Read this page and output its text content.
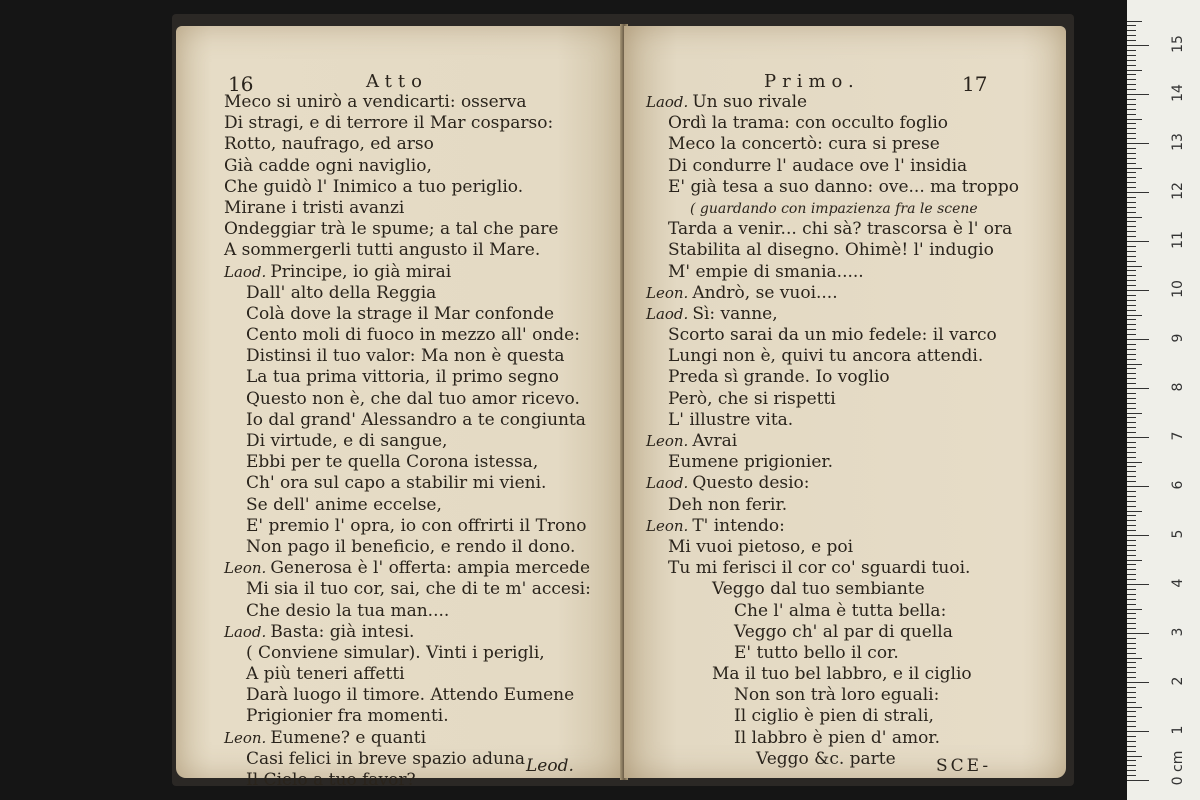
16	Atto
Meco si unirò a vendicarti: osserva
Di stragi, e di terrore il Mar cosparso:
Rotto, naufrago, ed arso
Già cadde ogni naviglio,
Che guidò l' Inimico a tuo periglio.
Mirane i tristi avanzi
Ondeggiar trà le spume; a tal che pare
A sommergerli tutti angusto il Mare.
Laod. Principe, io già mirai
Dall' alto della Reggia
Colà dove la strage il Mar confonde
Cento moli di fuoco in mezzo all' onde:
Distinsi il tuo valor: Ma non è questa
La tua prima vittoria, il primo segno
Questo non è, che dal tuo amor ricevo.
Io dal grand' Alessandro a te congiunta
Di virtude, e di sangue,
Ebbi per te quella Corona istessa,
Ch' ora sul capo a stabilir mi vieni.
Se dell' anime eccelse,
E' premio l' opra, io con offrirti il Trono
Non pago il beneficio, e rendo il dono.
Leon. Generosa è l' offerta: ampia mercede
Mi sia il tuo cor, sai, che di te m' accesi:
Che desio la tua man....
Laod. Basta: già intesi.
( Conviene simular). Vinti i perigli,
A più teneri affetti
Darà luogo il timore. Attendo Eumene
Prigionier fra momenti.
Leon. Eumene? e quanti
Casi felici in breve spazio aduna
Il Cielo a tuo favor?
Leod.
Primo.	17
Laod. Un suo rivale
Ordì la trama: con occulto foglio
Meco la concertò: cura si prese
Di condurre l' audace ove l' insidia
E' già tesa a suo danno: ove... ma troppo
( guardando con impazienza fra le scene
Tarda a venir... chi sà? trascorsa è l' ora
Stabilita al disegno. Ohimè! l' indugio
M' empie di smania.....
Leon. Andrò, se vuoi....
Laod. Sì: vanne,
Scorto sarai da un mio fedele: il varco
Lungi non è, quivi tu ancora attendi.
Preda sì grande. Io voglio
Però, che si rispetti
L' illustre vita.
Leon. Avrai
Eumene prigionier.
Laod. Questo desio:
Deh non ferir.
Leon. T' intendo:
Mi vuoi pietoso, e poi
Tu mi ferisci il cor co' sguardi tuoi.
Veggo dal tuo sembiante
Che l' alma è tutta bella:
Veggo ch' al par di quella
E' tutto bello il cor.
Ma il tuo bel labbro, e il ciglio
Non son trà loro eguali:
Il ciglio è pien di strali,
Il labbro è pien d' amor.
Veggo &c. parte	SCE-	0 cm
1
2
3
4
5
6
7
8
9
10
11
12
13
14
15
